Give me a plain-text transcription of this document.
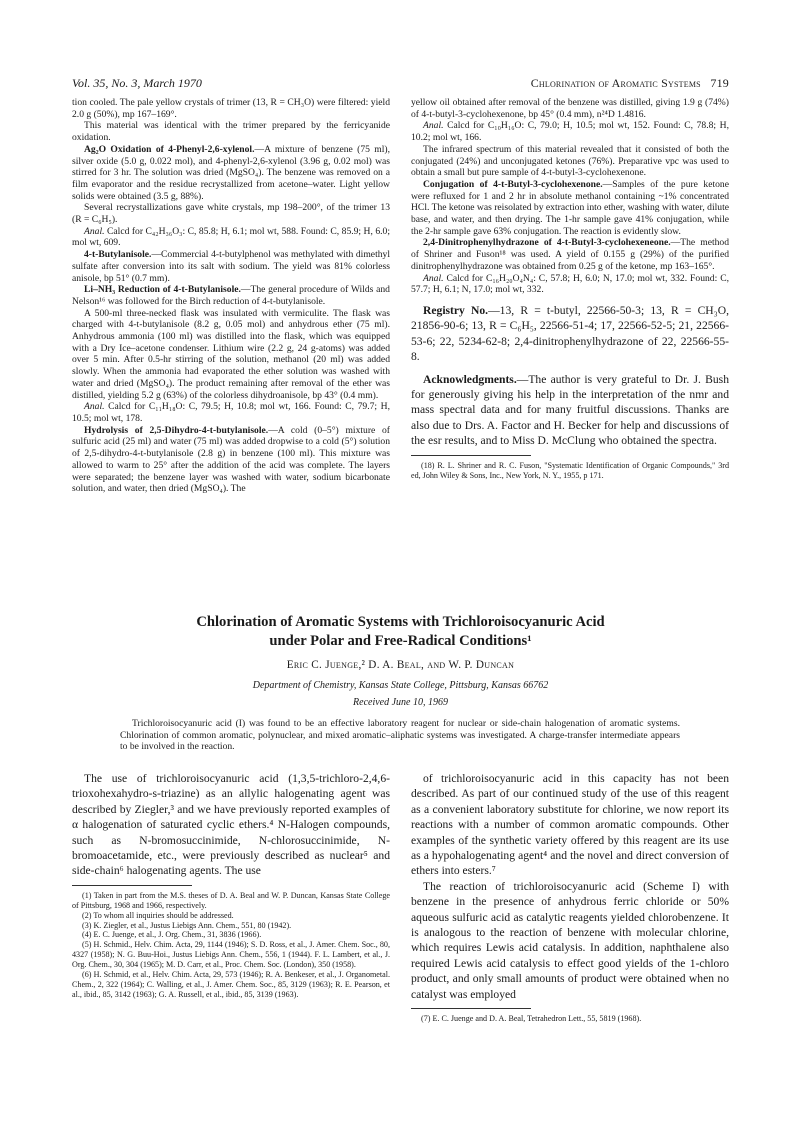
Vol. 35, No. 3, March 1970	Chlorination of Aromatic Systems 719
tion cooled. The pale yellow crystals of trimer (13, R = CH₃O) were filtered: yield 2.0 g (50%), mp 167–169°.
This material was identical with the trimer prepared by the ferricyanide oxidation.
Ag₂O Oxidation of 4-Phenyl-2,6-xylenol.—A mixture of benzene (75 ml), silver oxide (5.0 g, 0.022 mol), and 4-phenyl-2,6-xylenol (3.96 g, 0.02 mol) was stirred for 3 hr. The solution was dried (MgSO₄). The benzene was removed on a film evaporator and the residue recrystallized from acetone–water. Light yellow solids were obtained (3.5 g, 88%).
Several recrystallizations gave white crystals, mp 198–200°, of the trimer 13 (R = C₆H₅).
Anal. Calcd for C₄₂H₃₆O₃: C, 85.8; H, 6.1; mol wt, 588. Found: C, 85.9; H, 6.0; mol wt, 609.
4-t-Butylanisole.—Commercial 4-t-butylphenol was methylated with dimethyl sulfate after conversion into its salt with sodium. The yield was 81% colorless anisole, bp 51° (0.7 mm).
Li–NH₃ Reduction of 4-t-Butylanisole.—The general procedure of Wilds and Nelson¹⁶ was followed for the Birch reduction of 4-t-butylanisole.
A 500-ml three-necked flask was insulated with vermiculite. The flask was charged with 4-t-butylanisole (8.2 g, 0.05 mol) and anhydrous ether (75 ml). Anhydrous ammonia (100 ml) was distilled into the flask, which was equipped with a Dry Ice–acetone condenser. Lithium wire (2.2 g, 24 g-atoms) was added over 5 min. After 0.5-hr stirring of the solution, methanol (20 ml) was added slowly. When the ammonia had evaporated the ether solution was washed with water and dried (MgSO₄). The product remaining after removal of the ether was distilled, yielding 5.2 g (63%) of the colorless dihydroanisole, bp 43° (0.4 mm).
Anal. Calcd for C₁₁H₁₈O: C, 79.5; H, 10.8; mol wt, 166. Found: C, 79.7; H, 10.5; mol wt, 178.
Hydrolysis of 2,5-Dihydro-4-t-butylanisole.—A cold (0–5°) mixture of sulfuric acid (25 ml) and water (75 ml) was added dropwise to a cold (5°) solution of 2,5-dihydro-4-t-butylanisole (2.8 g) in benzene (100 ml). This mixture was allowed to warm to 25° after the addition of the acid was complete. The layers were separated; the benzene layer was washed with water, sodium bicarbonate solution, and water, then dried (MgSO₄). The
yellow oil obtained after removal of the benzene was distilled, giving 1.9 g (74%) of 4-t-butyl-3-cyclohexenone, bp 45° (0.4 mm), n²⁴D 1.4816.
Anal. Calcd for C₁₀H₁₆O: C, 79.0; H, 10.5; mol wt, 152. Found: C, 78.8; H, 10.2; mol wt, 166.
The infrared spectrum of this material revealed that it consisted of both the conjugated (24%) and unconjugated ketones (76%). Preparative vpc was used to obtain a small but pure sample of 4-t-butyl-3-cyclohexenone.
Conjugation of 4-t-Butyl-3-cyclohexenone.—Samples of the pure ketone were refluxed for 1 and 2 hr in absolute methanol containing ~1% concentrated HCl. The ketone was reisolated by extraction into ether, washing with water, dilute base, and water, and then drying. The 1-hr sample gave 41% conjugation, while the 2-hr sample gave 63% conjugation. The reaction is evidently slow.
2,4-Dinitrophenylhydrazone of 4-t-Butyl-3-cyclohexeneone.—The method of Shriner and Fuson¹⁸ was used. A yield of 0.155 g (29%) of the purified dinitrophenylhydrazone was obtained from 0.25 g of the ketone, mp 163–165°.
Anal. Calcd for C₁₆H₂₀O₄N₄: C, 57.8; H, 6.0; N, 17.0; mol wt, 332. Found: C, 57.7; H, 6.1; N, 17.0; mol wt, 332.
Registry No.—13, R = t-butyl, 22566-50-3; 13, R = CH₃O, 21856-90-6; 13, R = C₆H₅, 22566-51-4; 17, 22566-52-5; 21, 22566-53-6; 22, 5234-62-8; 2,4-dinitrophenylhydrazone of 22, 22566-55-8.
Acknowledgments.—The author is very grateful to Dr. J. Bush for generously giving his help in the interpretation of the nmr and mass spectral data and for many fruitful discussions. Thanks are also due to Drs. A. Factor and H. Becker for help and discussions of the esr results, and to Miss D. McClung who obtained the spectra.
(18) R. L. Shriner and R. C. Fuson, "Systematic Identification of Organic Compounds," 3rd ed, John Wiley & Sons, Inc., New York, N. Y., 1955, p 171.
Chlorination of Aromatic Systems with Trichloroisocyanuric Acid
under Polar and Free-Radical Conditions¹
Eric C. Juenge,² D. A. Beal, and W. P. Duncan
Department of Chemistry, Kansas State College, Pittsburg, Kansas 66762
Received June 10, 1969
Trichloroisocyanuric acid (I) was found to be an effective laboratory reagent for nuclear or side-chain halogenation of aromatic systems. Chlorination of common aromatic, polynuclear, and mixed aromatic–aliphatic systems was investigated. A charge-transfer intermediate appears to be involved in the reaction.
The use of trichloroisocyanuric acid (1,3,5-trichloro-2,4,6-trioxohexahydro-s-triazine) as an allylic halogenating agent was described by Ziegler,³ and we have previously reported examples of α halogenation of saturated cyclic ethers.⁴ N-Halogen compounds, such as N-bromosuccinimide, N-chlorosuccinimide, N-bromoacetamide, etc., were previously described as nuclear⁵ and side-chain⁶ halogenating agents. The use
(1) Taken in part from the M.S. theses of D. A. Beal and W. P. Duncan, Kansas State College of Pittsburg, 1968 and 1966, respectively.
(2) To whom all inquiries should be addressed.
(3) K. Ziegler, et al., Justus Liebigs Ann. Chem., 551, 80 (1942).
(4) E. C. Juenge, et al., J. Org. Chem., 31, 3836 (1966).
(5) H. Schmid., Helv. Chim. Acta, 29, 1144 (1946); S. D. Ross, et al., J. Amer. Chem. Soc., 80, 4327 (1958); N. G. Buu-Hoi., Justus Liebigs Ann. Chem., 556, 1 (1944). F. L. Lambert, et al., J. Org. Chem., 30, 304 (1965); M. D. Carr, et al., Proc. Chem. Soc. (London), 350 (1958).
(6) H. Schmid, et al., Helv. Chim. Acta, 29, 573 (1946); R. A. Benkeser, et al., J. Organometal. Chem., 2, 322 (1964); C. Walling, et al., J. Amer. Chem. Soc., 85, 3129 (1963); R. E. Pearson, et al., ibid., 85, 3142 (1963); G. A. Russell, et al., ibid., 85, 3139 (1963).
of trichloroisocyanuric acid in this capacity has not been described. As part of our continued study of the use of this reagent as a convenient laboratory substitute for chlorine, we now report its reactions with a number of common aromatic compounds. Other examples of the synthetic variety offered by this reagent are its use as a hypohalogenating agent⁴ and the novel and direct conversion of ethers into esters.⁷
The reaction of trichloroisocyanuric acid (Scheme I) with benzene in the presence of anhydrous ferric chloride or 50% aqueous sulfuric acid as catalytic reagents yielded chlorobenzene. It is analogous to the reaction of benzene with molecular chlorine, which requires Lewis acid catalysis. In addition, naphthalene also required Lewis acid catalysis to effect good yields of the 1-chloro product, and only small amounts of product were obtained when no catalyst was employed
(7) E. C. Juenge and D. A. Beal, Tetrahedron Lett., 55, 5819 (1968).
